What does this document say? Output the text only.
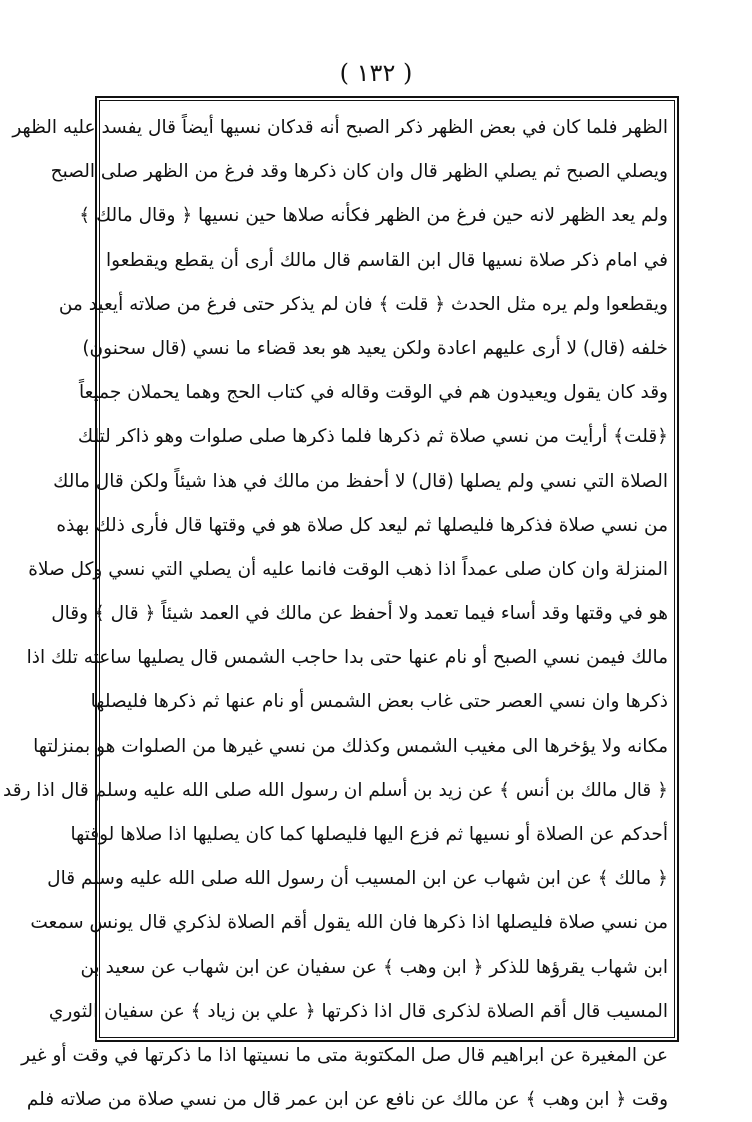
( ١٣٢ )
الظهر فلما كان في بعض الظهر ذكر الصبح أنه قدكان نسيها أيضاً قال يفسد عليه الظهر
ويصلي الصبح ثم يصلي الظهر قال وان كان ذكرها وقد فرغ من الظهر صلى الصبح
ولم يعد الظهر لانه حين فرغ من الظهر فكأنه صلاها حين نسيها ﴿ وقال مالك ﴾
في امام ذكر صلاة نسيها قال ابن القاسم قال مالك أرى أن يقطع ويقطعوا
ويقطعوا ولم يره مثل الحدث ﴿ قلت ﴾ فان لم يذكر حتى فرغ من صلاته أيعيد من
خلفه (قال) لا أرى عليهم اعادة ولكن يعيد هو بعد قضاء ما نسي (قال سحنون)
وقد كان يقول ويعيدون هم في الوقت وقاله في كتاب الحج وهما يحملان جميعاً
﴿قلت﴾ أرأيت من نسي صلاة ثم ذكرها فلما ذكرها صلى صلوات وهو ذاكر لتلك
الصلاة التي نسي ولم يصلها (قال) لا أحفظ من مالك في هذا شيئاً ولكن قال مالك
من نسي صلاة فذكرها فليصلها ثم ليعد كل صلاة هو في وقتها قال فأرى ذلك بهذه
المنزلة وان كان صلى عمداً اذا ذهب الوقت فانما عليه أن يصلي التي نسي وكل صلاة
هو في وقتها وقد أساء فيما تعمد ولا أحفظ عن مالك في العمد شيئاً ﴿ قال ﴾ وقال
مالك فيمن نسي الصبح أو نام عنها حتى بدا حاجب الشمس قال يصليها ساعته تلك اذا
ذكرها وان نسي العصر حتى غاب بعض الشمس أو نام عنها ثم ذكرها فليصلها
مكانه ولا يؤخرها الى مغيب الشمس وكذلك من نسي غيرها من الصلوات هو بمنزلتها
﴿ قال مالك بن أنس ﴾ عن زيد بن أسلم ان رسول الله صلى الله عليه وسلم قال اذا رقد
أحدكم عن الصلاة أو نسيها ثم فزع اليها فليصلها كما كان يصليها اذا صلاها لوقتها
﴿ مالك ﴾ عن ابن شهاب عن ابن المسيب أن رسول الله صلى الله عليه وسلم قال
من نسي صلاة فليصلها اذا ذكرها فان الله يقول أقم الصلاة لذكري قال يونس سمعت
ابن شهاب يقرؤها للذكر ﴿ ابن وهب ﴾ عن سفيان عن ابن شهاب عن سعيد بن
المسيب قال أقم الصلاة لذكرى قال اذا ذكرتها ﴿ علي بن زياد ﴾ عن سفيان الثوري
عن المغيرة عن ابراهيم قال صل المكتوبة متى ما نسيتها اذا ما ذكرتها في وقت أو غير
وقت ﴿ ابن وهب ﴾ عن مالك عن نافع عن ابن عمر قال من نسي صلاة من صلاته فلم
